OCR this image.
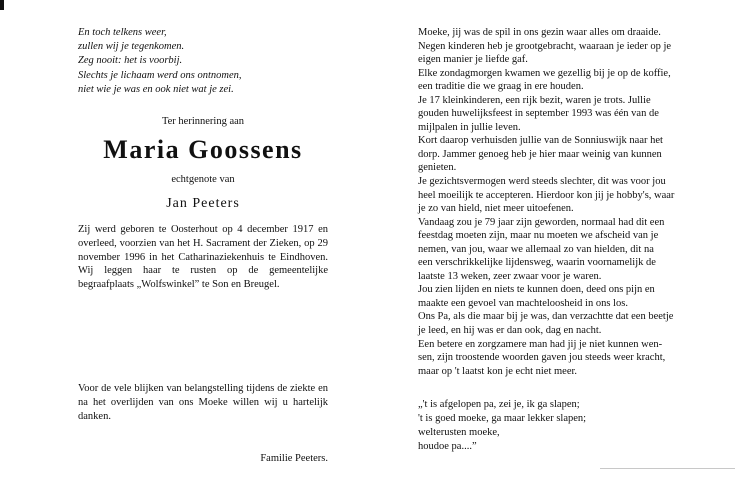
En toch telkens weer,

zullen wij je tegenkomen.

Zeg nooit: het is voorbij.

Slechts je lichaam werd ons ontnomen,

niet wie je was en ook niet wat je zei.

Ter herinnering aan
Maria Goossens
echtgenote van
Jan Peeters

Zij werd geboren te Oosterhout op 4 december 1917 en overleed, voorzien van het H. Sacrament der Zieken, op 29 november 1996 in het Catharinaziekenhuis te Eindhoven. Wij leggen haar te rusten op de gemeentelijke begraafplaats „Wolfswinkel” te Son en Breugel.

Voor de vele blijken van belangstelling tijdens de ziekte en na het overlijden van ons Moeke willen wij u hartelijk danken.

Familie Peeters.

Moeke, jij was de spil in ons gezin waar alles om draaide.

Negen kinderen heb je grootgebracht, waaraan je ieder op je

eigen manier je liefde gaf.

Elke zondagmorgen kwamen we gezellig bij je op de koffie,

een traditie die we graag in ere houden.

Je 17 kleinkinderen, een rijk bezit, waren je trots. Jullie

gouden huwelijksfeest in september 1993 was één van de

mijlpalen in jullie leven.

Kort daarop verhuisden jullie van de Sonniuswijk naar het

dorp. Jammer genoeg heb je hier maar weinig van kunnen

genieten.

Je gezichtsvermogen werd steeds slechter, dit was voor jou

heel moeilijk te accepteren. Hierdoor kon jij je hobby's, waar

je zo van hield, niet meer uitoefenen.

Vandaag zou je 79 jaar zijn geworden, normaal had dit een

feestdag moeten zijn, maar nu moeten we afscheid van je

nemen, van jou, waar we allemaal zo van hielden, dit na

een verschrikkelijke lijdensweg, waarin voornamelijk de

laatste 13 weken, zeer zwaar voor je waren.

Jou zien lijden en niets te kunnen doen, deed ons pijn en

maakte een gevoel van machteloosheid in ons los.

Ons Pa, als die maar bij je was, dan verzachtte dat een beetje

je leed, en hij was er dan ook, dag en nacht.

Een betere en zorgzamere man had jij je niet kunnen wen-

sen, zijn troostende woorden gaven jou steeds weer kracht,

maar op 't laatst kon je echt niet meer.

„'t is afgelopen pa, zei je, ik ga slapen;

't is goed moeke, ga maar lekker slapen;

welterusten moeke,

houdoe pa....”
